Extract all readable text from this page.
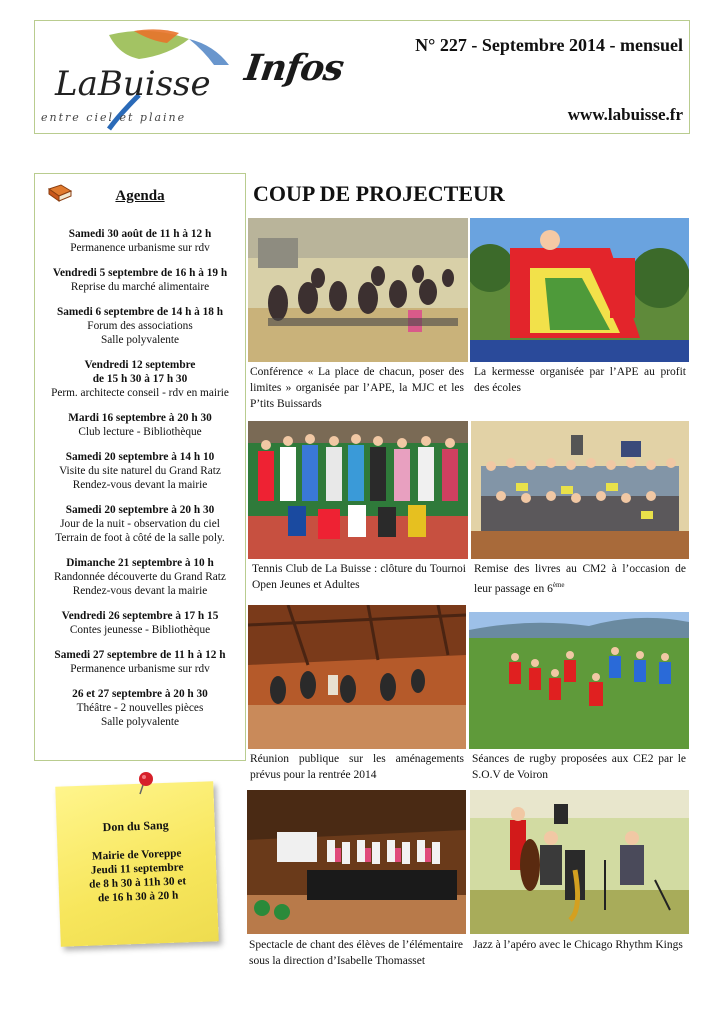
LaBuisse
entre ciel et plaine
Infos
N° 227 - Septembre 2014 - mensuel
www.labuisse.fr
Agenda
Samedi 30 août de 11 h à 12 h
Permanence urbanisme sur rdv
Vendredi 5 septembre de 16 h à 19 h
Reprise du marché alimentaire
Samedi 6 septembre de 14 h à 18 h
Forum des associations
Salle polyvalente
Vendredi 12 septembre
de 15 h 30 à 17 h 30
Perm. architecte conseil - rdv en mairie
Mardi 16 septembre à 20 h 30
Club lecture - Bibliothèque
Samedi 20 septembre à 14 h 10
Visite du site naturel du Grand Ratz
Rendez-vous devant la mairie
Samedi 20 septembre à 20 h 30
Jour de la nuit - observation du ciel
Terrain de foot à côté de la salle poly.
Dimanche 21 septembre à 10 h
Randonnée découverte du Grand Ratz
Rendez-vous devant la mairie
Vendredi 26 septembre à 17 h 15
Contes jeunesse - Bibliothèque
Samedi 27 septembre de 11 h à 12 h
Permanence urbanisme sur rdv
26 et 27 septembre à 20 h 30
Théâtre - 2 nouvelles pièces
Salle polyvalente
Don du Sang
Mairie de Voreppe
Jeudi 11 septembre
de 8 h 30 à 11h 30 et
de 16 h 30 à 20 h
COUP DE PROJECTEUR
Conférence « La place de chacun, poser des limites » organisée par l’APE, la MJC et les P’tits Buissards
La kermesse organisée par l’APE au profit des écoles
Tennis Club de La Buisse : clôture du Tournoi Open Jeunes et Adultes
Remise des livres au CM2 à l’occasion de leur passage en 6ème
Réunion publique sur les aménagements prévus pour la rentrée 2014
Séances de rugby proposées aux CE2 par le S.O.V de Voiron
Spectacle de chant des élèves de l’élémentaire sous la direction d’Isabelle Thomasset
Jazz à l’apéro avec le Chicago Rhythm Kings
